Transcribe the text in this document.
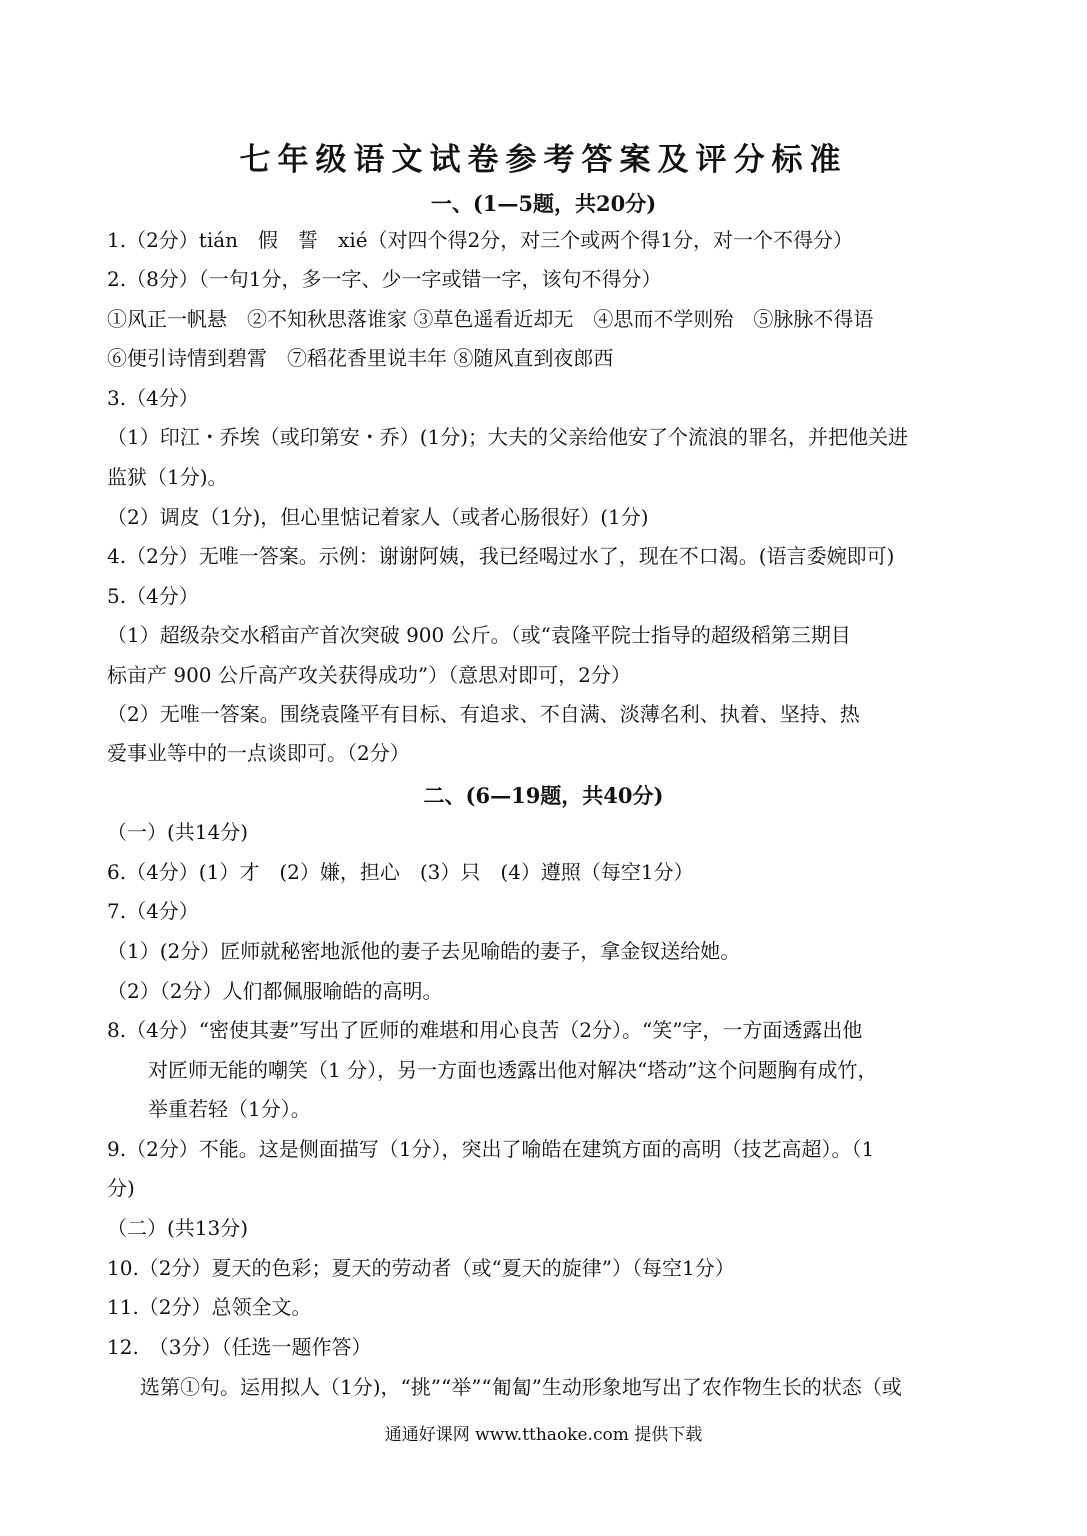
七年级语文试卷参考答案及评分标准
一、(1—5题，共20分)
1.（2分）tián　假　誓　xié（对四个得2分，对三个或两个得1分，对一个不得分）
2.（8分）（一句1分，多一字、少一字或错一字，该句不得分）
①风正一帆悬　②不知秋思落谁家 ③草色遥看近却无　④思而不学则殆　⑤脉脉不得语
⑥便引诗情到碧霄　⑦稻花香里说丰年 ⑧随风直到夜郎西
3.（4分）
（1）印江・乔埃（或印第安・乔）(1分)；大夫的父亲给他安了个流浪的罪名，并把他关进
监狱（1分)。
（2）调皮（1分)，但心里惦记着家人（或者心肠很好）(1分)
4.（2分）无唯一答案。示例：谢谢阿姨，我已经喝过水了，现在不口渴。(语言委婉即可)
5.（4分）
（1）超级杂交水稻亩产首次突破 900 公斤。（或“袁隆平院士指导的超级稻第三期目
标亩产 900 公斤高产攻关获得成功”）（意思对即可，2分）
（2）无唯一答案。围绕袁隆平有目标、有追求、不自满、淡薄名利、执着、坚持、热
爱事业等中的一点谈即可。（2分）
二、(6—19题，共40分)
（一）(共14分)
6.（4分）(1）才　(2）嫌，担心　(3）只　(4）遵照（每空1分）
7.（4分）
（1）(2分）匠师就秘密地派他的妻子去见喻皓的妻子，拿金钗送给她。
（2）（2分）人们都佩服喻皓的高明。
8.（4分）“密使其妻”写出了匠师的难堪和用心良苦（2分）。“笑”字，一方面透露出他
对匠师无能的嘲笑（1 分），另一方面也透露出他对解决“塔动”这个问题胸有成竹，
举重若轻（1分）。
9.（2分）不能。这是侧面描写（1分），突出了喻皓在建筑方面的高明（技艺高超）。（1
分)
（二）(共13分)
10.（2分）夏天的色彩；夏天的劳动者（或“夏天的旋律”）（每空1分）
11.（2分）总领全文。
12.　（3分）（任选一题作答）
选第①句。运用拟人（1分)，“挑”“举”“匍匐”生动形象地写出了农作物生长的状态（或
通通好课网 www.tthaoke.com 提供下载
